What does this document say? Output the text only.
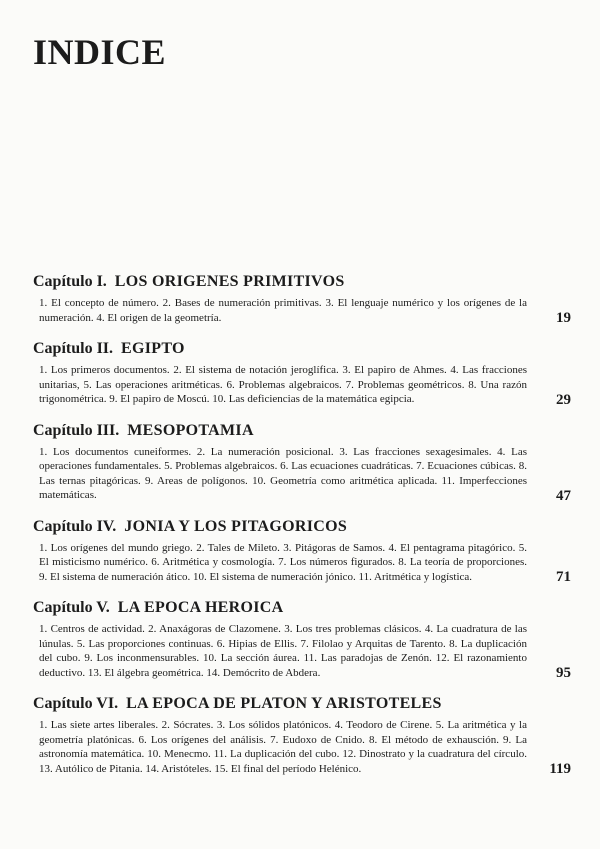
INDICE
Capítulo I. LOS ORIGENES PRIMITIVOS

1. El concepto de número. 2. Bases de numeración primitivas. 3. El lenguaje numérico y los orígenes de la numeración. 4. El origen de la geometría.	19
Capítulo II. EGIPTO

1. Los primeros documentos. 2. El sistema de notación jeroglífica. 3. El papiro de Ahmes. 4. Las fracciones unitarias, 5. Las operaciones aritméticas. 6. Problemas algebraicos. 7. Problemas geométricos. 8. Una razón trigonométrica. 9. El papiro de Moscú. 10. Las deficiencias de la matemática egipcia.	29
Capítulo III. MESOPOTAMIA

1. Los documentos cuneiformes. 2. La numeración posicional. 3. Las fracciones sexagesimales. 4. Las operaciones fundamentales. 5. Problemas algebraicos. 6. Las ecuaciones cuadráticas. 7. Ecuaciones cúbicas. 8. Las ternas pitagóricas. 9. Areas de polígonos. 10. Geometría como aritmética aplicada. 11. Imperfecciones matemáticas.	47
Capítulo IV. JONIA Y LOS PITAGORICOS

1. Los orígenes del mundo griego. 2. Tales de Mileto. 3. Pitágoras de Samos. 4. El pentagrama pitagórico. 5. El misticismo numérico. 6. Aritmética y cosmología. 7. Los números figurados. 8. La teoría de proporciones. 9. El sistema de numeración ático. 10. El sistema de numeración jónico. 11. Aritmética y logística.	71
Capítulo V. LA EPOCA HEROICA

1. Centros de actividad. 2. Anaxágoras de Clazomene. 3. Los tres problemas clásicos. 4. La cuadratura de las lúnulas. 5. Las proporciones continuas. 6. Hipias de Ellis. 7. Filolao y Arquitas de Tarento. 8. La duplicación del cubo. 9. Los inconmensurables. 10. La sección áurea. 11. Las paradojas de Zenón. 12. El razonamiento deductivo. 13. El álgebra geométrica. 14. Demócrito de Abdera.	95
Capítulo VI. LA EPOCA DE PLATON Y ARISTOTELES

1. Las siete artes liberales. 2. Sócrates. 3. Los sólidos platónicos. 4. Teodoro de Cirene. 5. La aritmética y la geometría platónicas. 6. Los orígenes del análisis. 7. Eudoxo de Cnido. 8. El método de exhausción. 9. La astronomía matemática. 10. Menecmo. 11. La duplicación del cubo. 12. Dinostrato y la cuadratura del círculo. 13. Autólico de Pitania. 14. Aristóteles. 15. El final del período Helénico.	119
